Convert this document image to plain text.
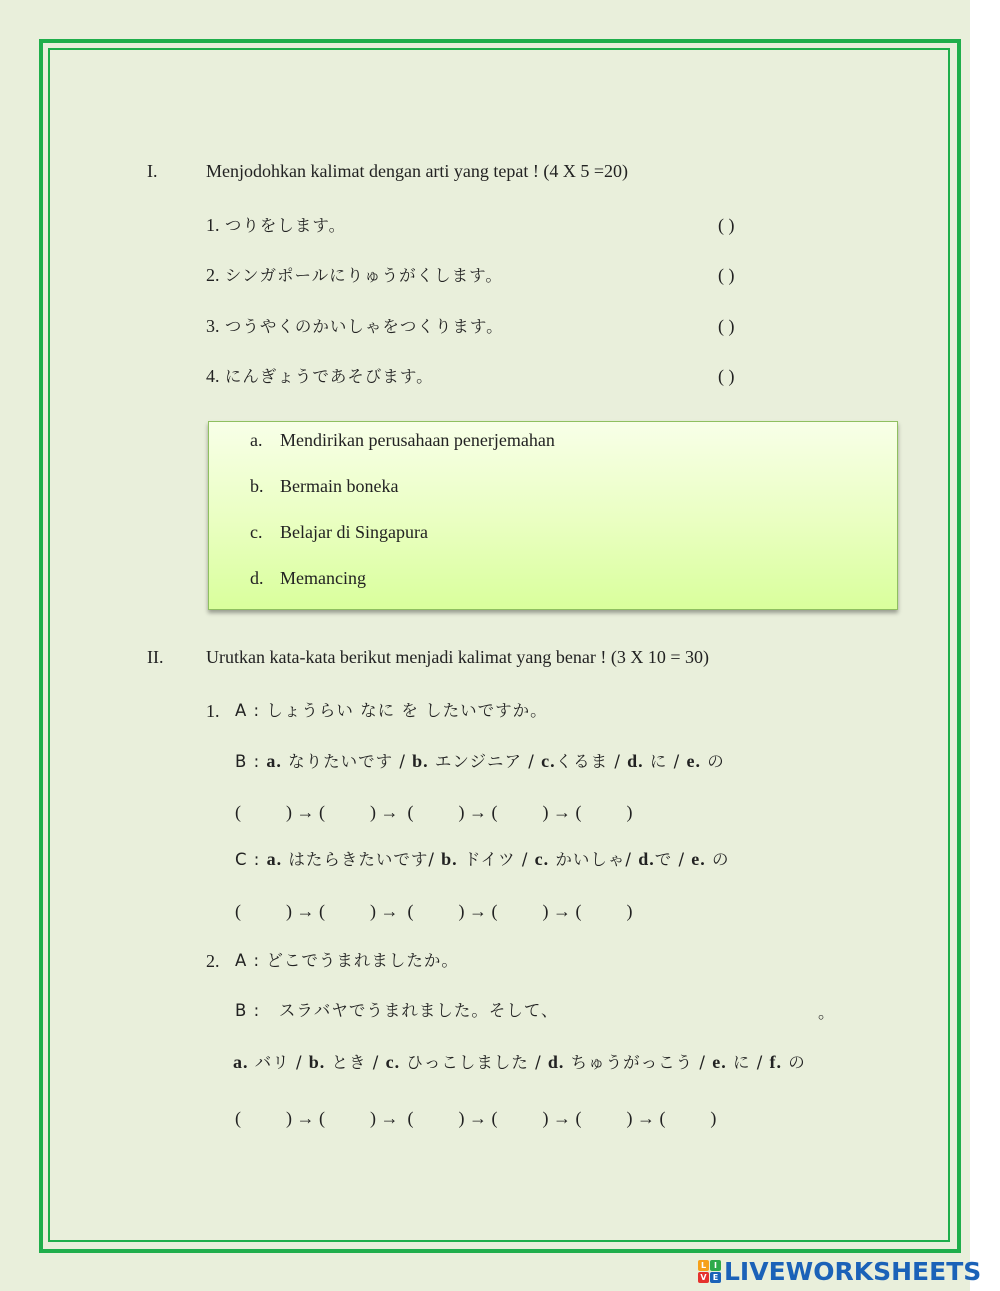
I.	Menjodohkan kalimat dengan arti yang tepat ! (4 X 5 =20)
1. つりをします。	( )
2. シンガポールにりゅうがくします。	( )
3. つうやくのかいしゃをつくります。	( )
4. にんぎょうであそびます。	( )
a. Mendirikan perusahaan penerjemahan
b. Bermain boneka
c. Belajar di Singapura
d. Memancing
II. Urutkan kata-kata berikut menjadi kalimat yang benar ! (3 X 10 = 30)
1. A : しょうらい なに を したいですか。
B : a. なりたいです / b. エンジニア / c.くるま / d. に / e. の
(          ) → (          ) →  (          ) → (          ) → (          )
C : a. はたらきたいです/ b. ドイツ / c. かいしゃ/ d.で / e. の
(          ) → (          ) →  (          ) → (          ) → (          )
2. A : どこでうまれましたか。
B :   スラバヤでうまれました。そして、	。
a. バリ / b. とき / c. ひっこしました / d. ちゅうがっこう / e. に / f. の
(          ) → (          ) →  (          ) → (          ) → (          ) → (          )
L I
V E LIVEWORKSHEETS
